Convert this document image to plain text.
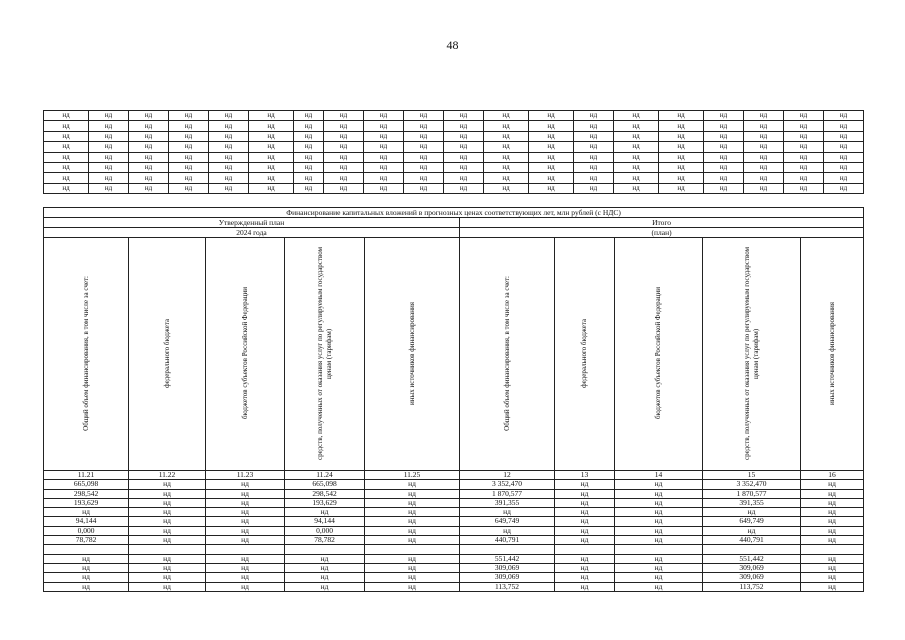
48
нд	нд	нд	нд	нд	нд	нд	нд	нд	нд	нд	нд	нд	нд	нд	нд	нд	нд	нд	нд
нд	нд	нд	нд	нд	нд	нд	нд	нд	нд	нд	нд	нд	нд	нд	нд	нд	нд	нд	нд
нд	нд	нд	нд	нд	нд	нд	нд	нд	нд	нд	нд	нд	нд	нд	нд	нд	нд	нд	нд
нд	нд	нд	нд	нд	нд	нд	нд	нд	нд	нд	нд	нд	нд	нд	нд	нд	нд	нд	нд
нд	нд	нд	нд	нд	нд	нд	нд	нд	нд	нд	нд	нд	нд	нд	нд	нд	нд	нд	нд
нд	нд	нд	нд	нд	нд	нд	нд	нд	нд	нд	нд	нд	нд	нд	нд	нд	нд	нд	нд
нд	нд	нд	нд	нд	нд	нд	нд	нд	нд	нд	нд	нд	нд	нд	нд	нд	нд	нд	нд
нд	нд	нд	нд	нд	нд	нд	нд	нд	нд	нд	нд	нд	нд	нд	нд	нд	нд	нд	нд
Финансирование капитальных вложений в прогнозных ценах соответствующих лет, млн рублей (с НДС)									
Утвержденный план					Итого				
2024 года					(план)				
Общий объем финансирования, в том числе за счет:	федерального бюджета	бюджетов субъектов Российской Федерации	средств, полученных от оказания услуг по регулируемым государством ценам (тарифам)	иных источников финансирования	Общий объем финансирования, в том числе за счет:	федерального бюджета	бюджетов субъектов Российской Федерации	средств, полученных от оказания услуг по регулируемым государством ценам (тарифам)	иных источников финансирования
11.21	11.22	11.23	11.24	11.25	12	13	14	15	16
665,098	нд	нд	665,098	нд	3 352,470	нд	нд	3 352,470	нд
298,542	нд	нд	298,542	нд	1 870,577	нд	нд	1 870,577	нд
193,629	нд	нд	193,629	нд	391,355	нд	нд	391,355	нд
нд	нд	нд	нд	нд	нд	нд	нд	нд	нд
94,144	нд	нд	94,144	нд	649,749	нд	нд	649,749	нд
0,000	нд	нд	0,000	нд	нд	нд	нд	нд	нд
78,782	нд	нд	78,782	нд	440,791	нд	нд	440,791	нд

нд	нд	нд	нд	нд	551,442	нд	нд	551,442	нд
нд	нд	нд	нд	нд	309,069	нд	нд	309,069	нд
нд	нд	нд	нд	нд	309,069	нд	нд	309,069	нд
нд	нд	нд	нд	нд	113,752	нд	нд	113,752	нд
